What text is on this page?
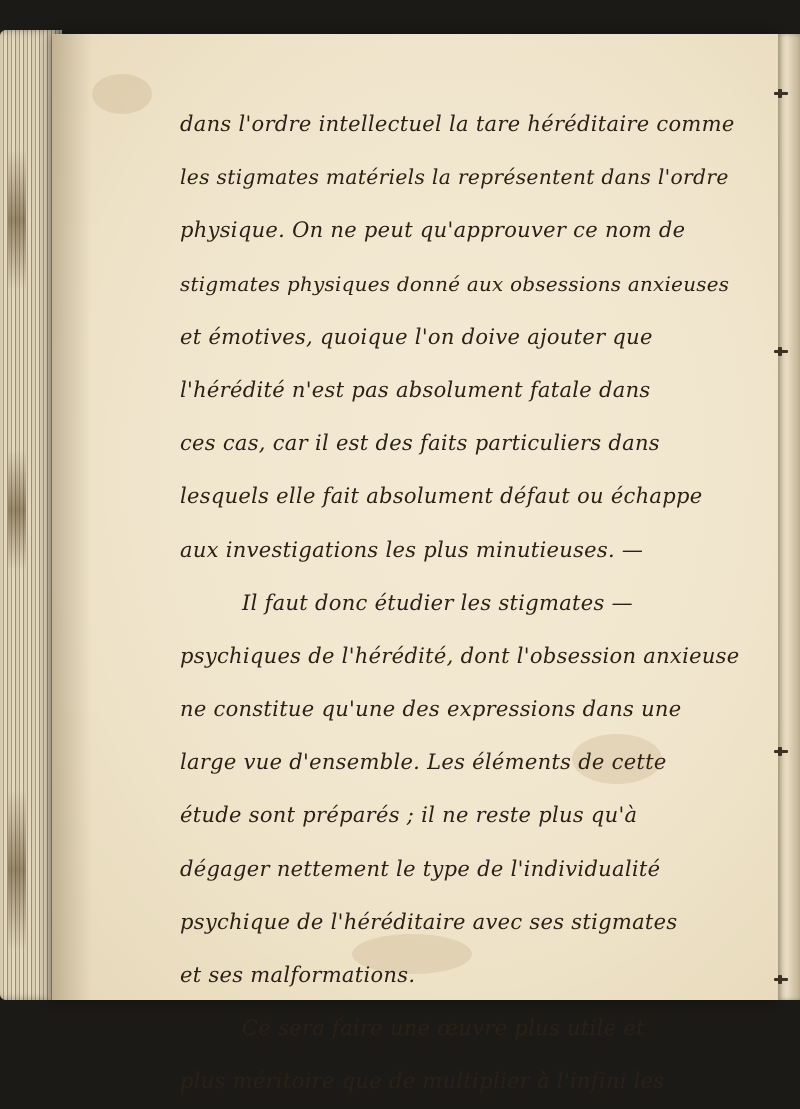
dans l'ordre intellectuel la tare héréditaire comme
les stigmates matériels la représentent dans l'ordre
physique. On ne peut qu'approuver ce nom de
stigmates physiques donné aux obsessions anxieuses
et émotives, quoique l'on doive ajouter que
l'hérédité n'est pas absolument fatale dans
ces cas, car il est des faits particuliers dans
lesquels elle fait absolument défaut ou échappe
aux investigations les plus minutieuses. —
Il faut donc étudier les stigmates —
psychiques de l'hérédité, dont l'obsession anxieuse
ne constitue qu'une des expressions dans une
large vue d'ensemble. Les éléments de cette
étude sont préparés ; il ne reste plus qu'à
dégager nettement le type de l'individualité
psychique de l'héréditaire avec ses stigmates
et ses malformations.
Ce sera faire une œuvre plus utile et
plus méritoire que de multiplier à l'infini les
